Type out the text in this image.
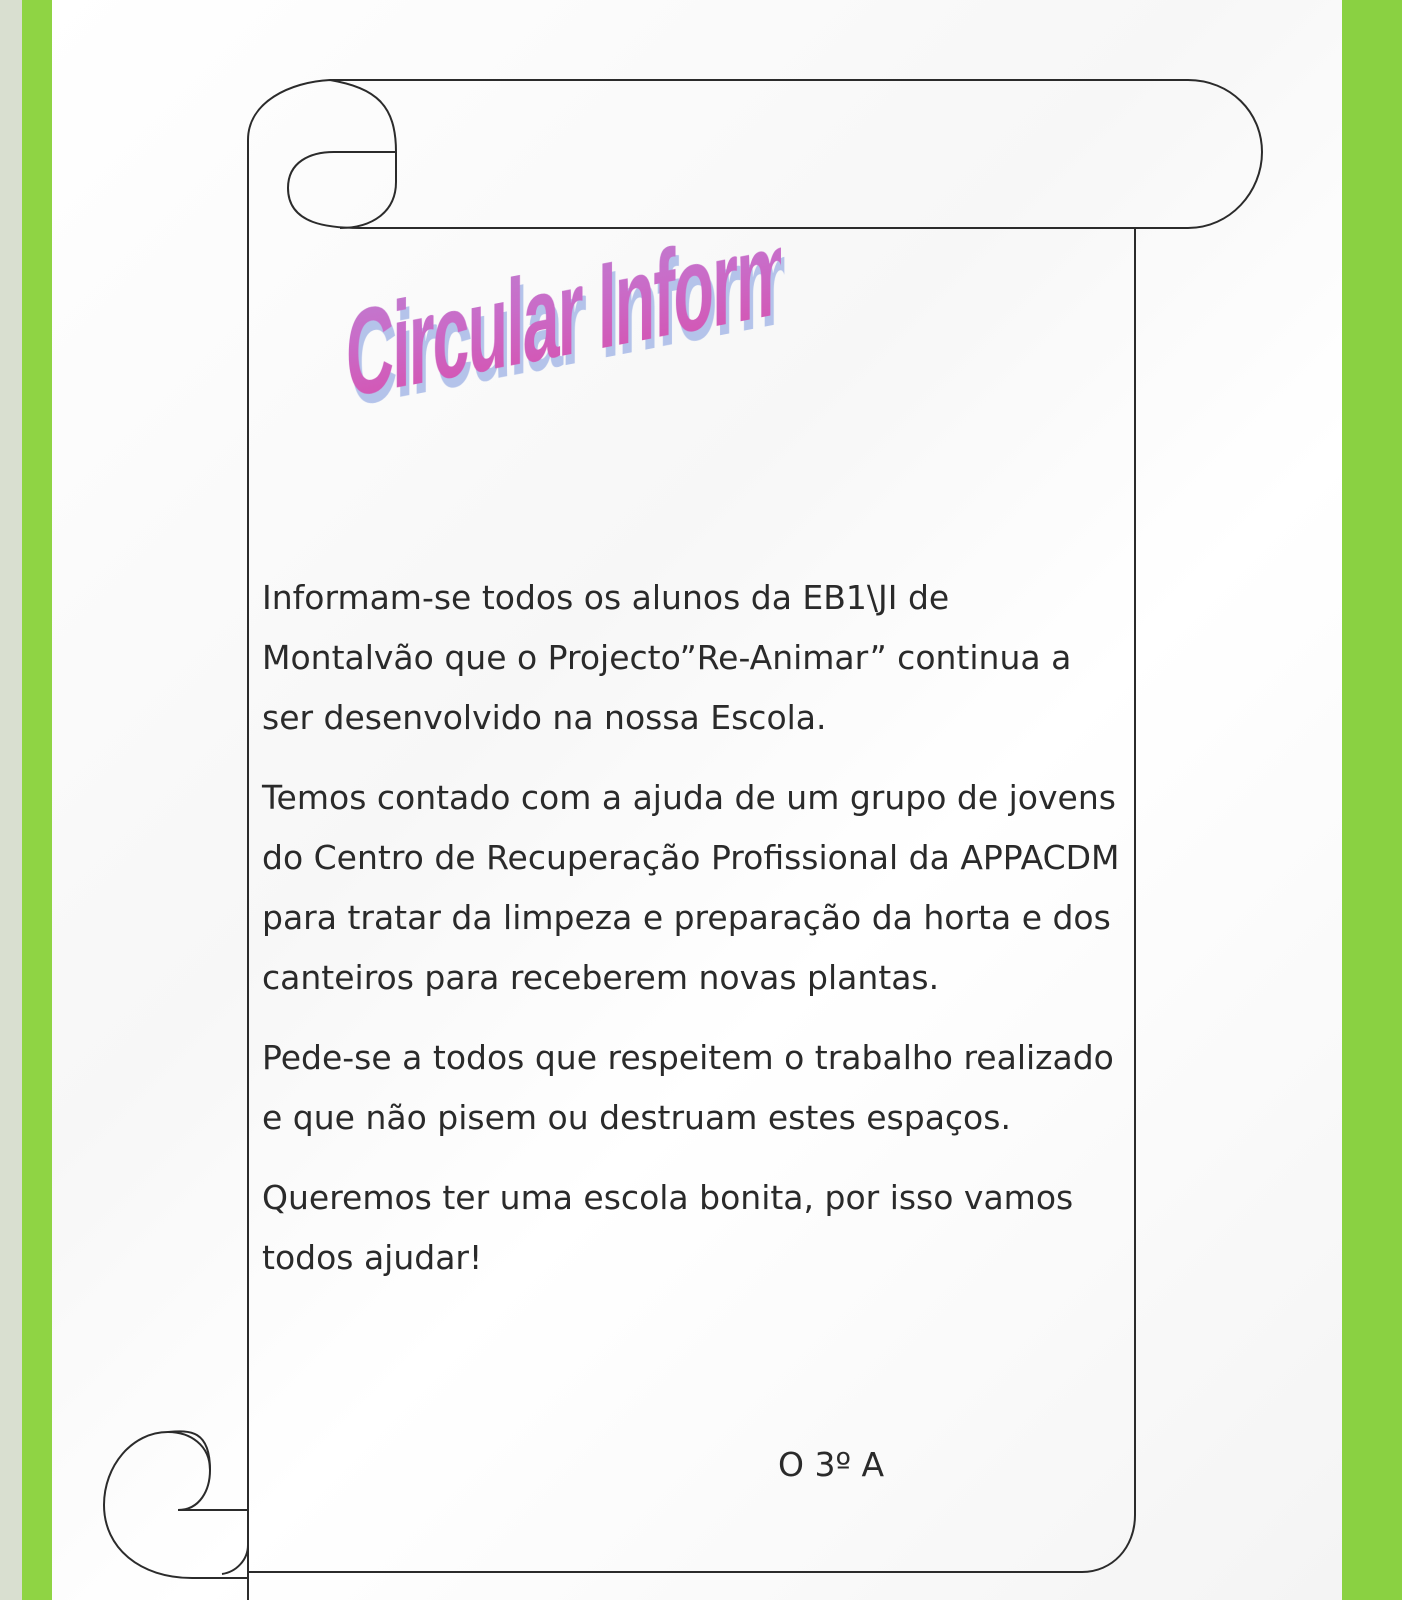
Circular Informativa

Informam-se todos os alunos da EB1\JI de Montalvão que o Projecto”Re-Animar” continua a ser desenvolvido na nossa Escola.

Temos contado com a ajuda de um grupo de jovens do Centro de Recuperação Profissional da APPACDM para tratar da limpeza e preparação da horta e dos canteiros para receberem novas plantas.

Pede-se a todos que respeitem o trabalho realizado e que não pisem ou destruam estes espaços.

Queremos ter uma escola bonita, por isso vamos todos ajudar!

O 3º A
